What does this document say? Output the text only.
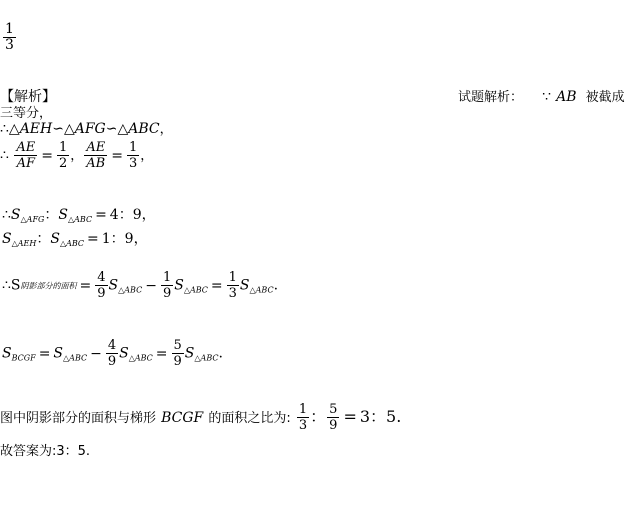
$\frac{1}{3}$
【解析】	试题解析： ∵ AB 被截成
三等分，
∴△AEH∽△AFG∽△ABC，
∴ $\frac{AE}{AF} = \frac{1}{2}$ ， $\frac{AE}{AB} = \frac{1}{3}$ ，
$\therefore S_{\triangle AFG}$：$S_{\triangle ABC} = 4$：9，
$S_{\triangle AEH}$：$S_{\triangle ABC} = 1$：9，
∴S阴影部分的面积 = $\frac{4}{9} S_{\triangle ABC} - \frac{1}{9} S_{\triangle ABC} = \frac{1}{3} S_{\triangle ABC}$.
$S_{BCGF} = S_{\triangle ABC} - \frac{4}{9} S_{\triangle ABC} = \frac{5}{9} S_{\triangle ABC}$.
图中阴影部分的面积与梯形 BCGF 的面积之比为: $\frac{1}{3}$ ： $\frac{5}{9} = 3$：5.
故答案为:3：5.
